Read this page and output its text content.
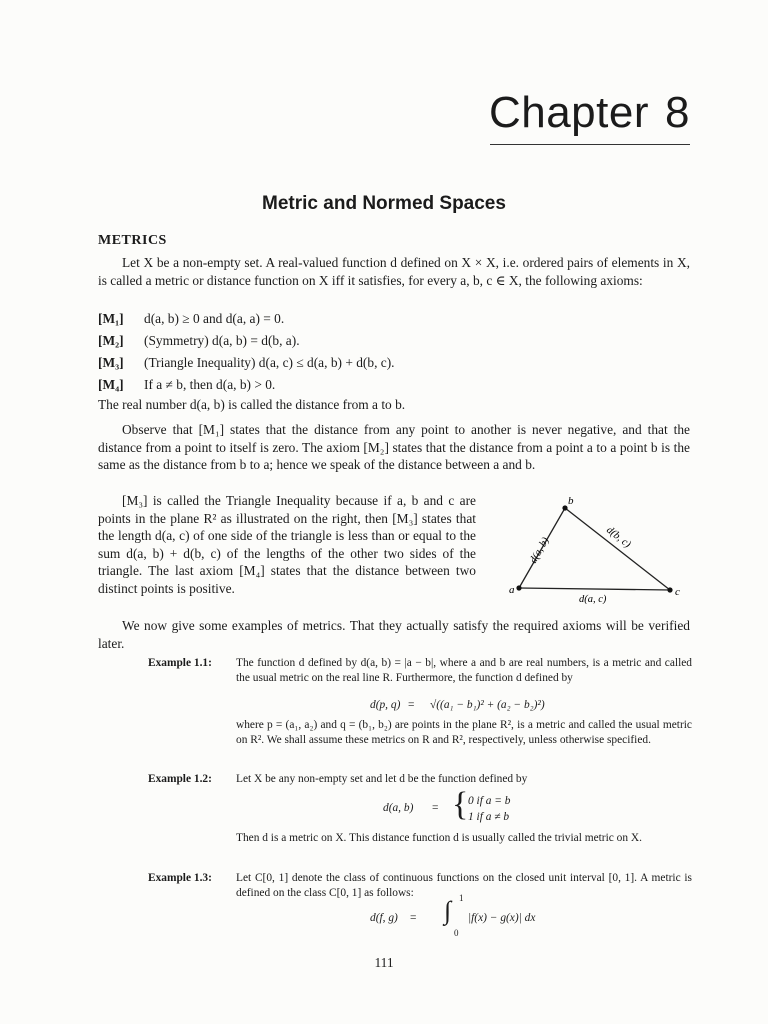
Chapter 8
Metric and Normed Spaces
METRICS
Let X be a non-empty set. A real-valued function d defined on X × X, i.e. ordered pairs of elements in X, is called a metric or distance function on X iff it satisfies, for every a, b, c ∈ X, the following axioms:
[M₁] d(a, b) ≥ 0 and d(a, a) = 0.
[M₂] (Symmetry) d(a, b) = d(b, a).
[M₃] (Triangle Inequality) d(a, c) ≤ d(a, b) + d(b, c).
[M₄] If a ≠ b, then d(a, b) > 0.
The real number d(a, b) is called the distance from a to b.
Observe that [M₁] states that the distance from any point to another is never negative, and that the distance from a point to itself is zero. The axiom [M₂] states that the distance from a point a to a point b is the same as the distance from b to a; hence we speak of the distance between a and b.
[M₃] is called the Triangle Inequality because if a, b and c are points in the plane R² as illustrated on the right, then [M₃] states that the length d(a, c) of one side of the triangle is less than or equal to the sum d(a, b) + d(b, c) of the lengths of the other two sides of the triangle. The last axiom [M₄] states that the distance between two distinct points is positive.	a
b
c
d(a, b)	d(b, c)
d(a, c)
We now give some examples of metrics. That they actually satisfy the required axioms will be verified later.
Example 1.1:	The function d defined by d(a, b) = |a − b|, where a and b are real numbers, is a metric and called the usual metric on the real line R. Furthermore, the function d defined by
d(p, q) = √((a₁ − b₁)² + (a₂ − b₂)²)
where p = (a₁, a₂) and q = (b₁, b₂) are points in the plane R², is a metric and called the usual metric on R². We shall assume these metrics on R and R², respectively, unless otherwise specified.
Example 1.2:	Let X be any non-empty set and let d be the function defined by
d(a, b) = { 0 if a = b
1 if a ≠ b
Then d is a metric on X. This distance function d is usually called the trivial metric on X.
Example 1.3:	Let C[0, 1] denote the class of continuous functions on the closed unit interval [0, 1]. A metric is defined on the class C[0, 1] as follows:
d(f, g) = ∫ 1
0
|f(x) − g(x)| dx
111
